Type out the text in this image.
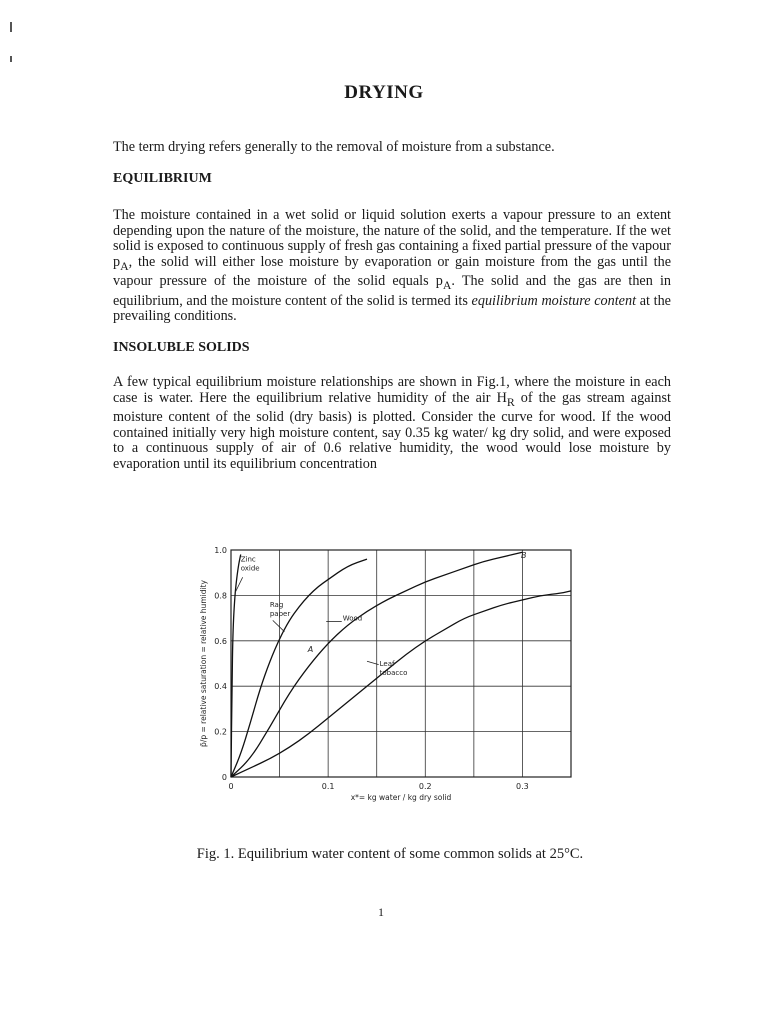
DRYING

The term drying refers generally to the removal of moisture from a substance.

EQUILIBRIUM

The moisture contained in a wet solid or liquid solution exerts a vapour pressure to an extent depending upon the nature of the moisture, the nature of the solid, and the temperature. If the wet solid is exposed to continuous supply of fresh gas containing a fixed partial pressure of the vapour $p_A$, the solid will either lose moisture by evaporation or gain moisture from the gas until the vapour pressure of the moisture of the solid equals $p_A$. The solid and the gas are then in equilibrium, and the moisture content of the solid is termed its equilibrium moisture content at the prevailing conditions.

INSOLUBLE SOLIDS

A few typical equilibrium moisture relationships are shown in Fig.1, where the moisture in each case is water. Here the equilibrium relative humidity of the air $H_R$ of the gas stream against moisture content of the solid (dry basis) is plotted. Consider the curve for wood. If the wood contained initially very high moisture content, say 0.35 kg water/ kg dry solid, and were exposed to a continuous supply of air of 0.6 relative humidity, the wood would lose moisture by evaporation until its equilibrium concentration

0
0.2
0.4
0.6
0.8
1.0
0	0.1	0.2	0.3
x*= kg water / kg dry solid
p̄/p = relative saturation = relative humidity
Zinc
oxide
Rag
paper
Wood
A
Leaf
tobacco
B
Fig. 1. Equilibrium water content of some common solids at 25°C.
1
